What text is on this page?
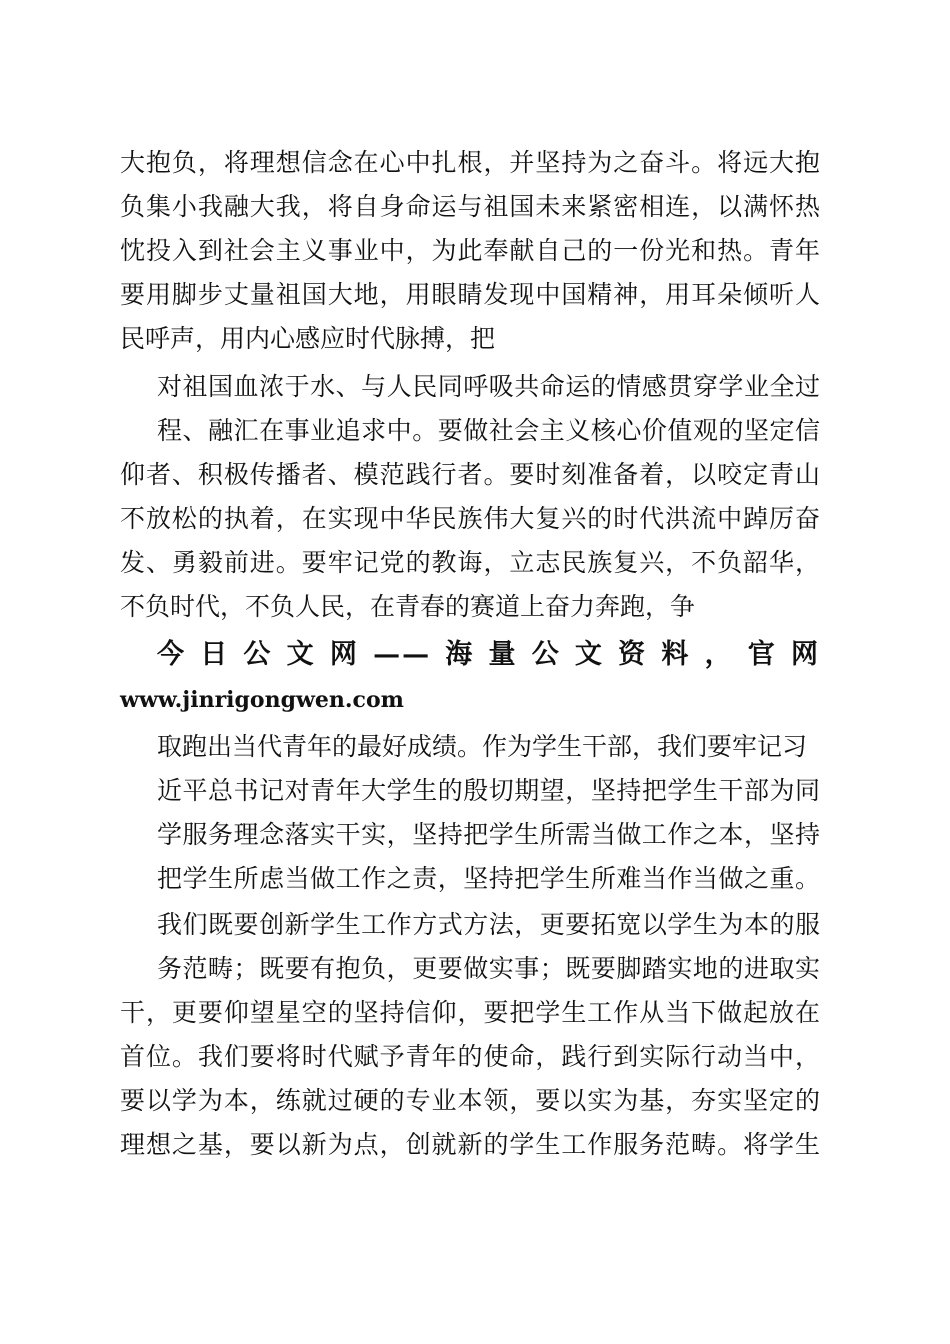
大抱负，将理想信念在心中扎根，并坚持为之奋斗。将远大抱
负集小我融大我，将自身命运与祖国未来紧密相连，以满怀热
忱投入到社会主义事业中，为此奉献自己的一份光和热。青年
要用脚步丈量祖国大地，用眼睛发现中国精神，用耳朵倾听人
民呼声，用内心感应时代脉搏，把
对祖国血浓于水、与人民同呼吸共命运的情感贯穿学业全过
程、融汇在事业追求中。要做社会主义核心价值观的坚定信
仰者、积极传播者、模范践行者。要时刻准备着，以咬定青山
不放松的执着，在实现中华民族伟大复兴的时代洪流中踔厉奋
发、勇毅前进。要牢记党的教诲，立志民族复兴，不负韶华，
不负时代，不负人民，在青春的赛道上奋力奔跑，争
今日公文网——海量公文资料，官网
www.jinrigongwen.com
取跑出当代青年的最好成绩。作为学生干部，我们要牢记习
近平总书记对青年大学生的殷切期望，坚持把学生干部为同
学服务理念落实干实，坚持把学生所需当做工作之本，坚持
把学生所虑当做工作之责，坚持把学生所难当作当做之重。
我们既要创新学生工作方式方法，更要拓宽以学生为本的服
务范畴；既要有抱负，更要做实事；既要脚踏实地的进取实
干，更要仰望星空的坚持信仰，要把学生工作从当下做起放在
首位。我们要将时代赋予青年的使命，践行到实际行动当中，
要以学为本，练就过硬的专业本领，要以实为基，夯实坚定的
理想之基，要以新为点，创就新的学生工作服务范畴。将学生
